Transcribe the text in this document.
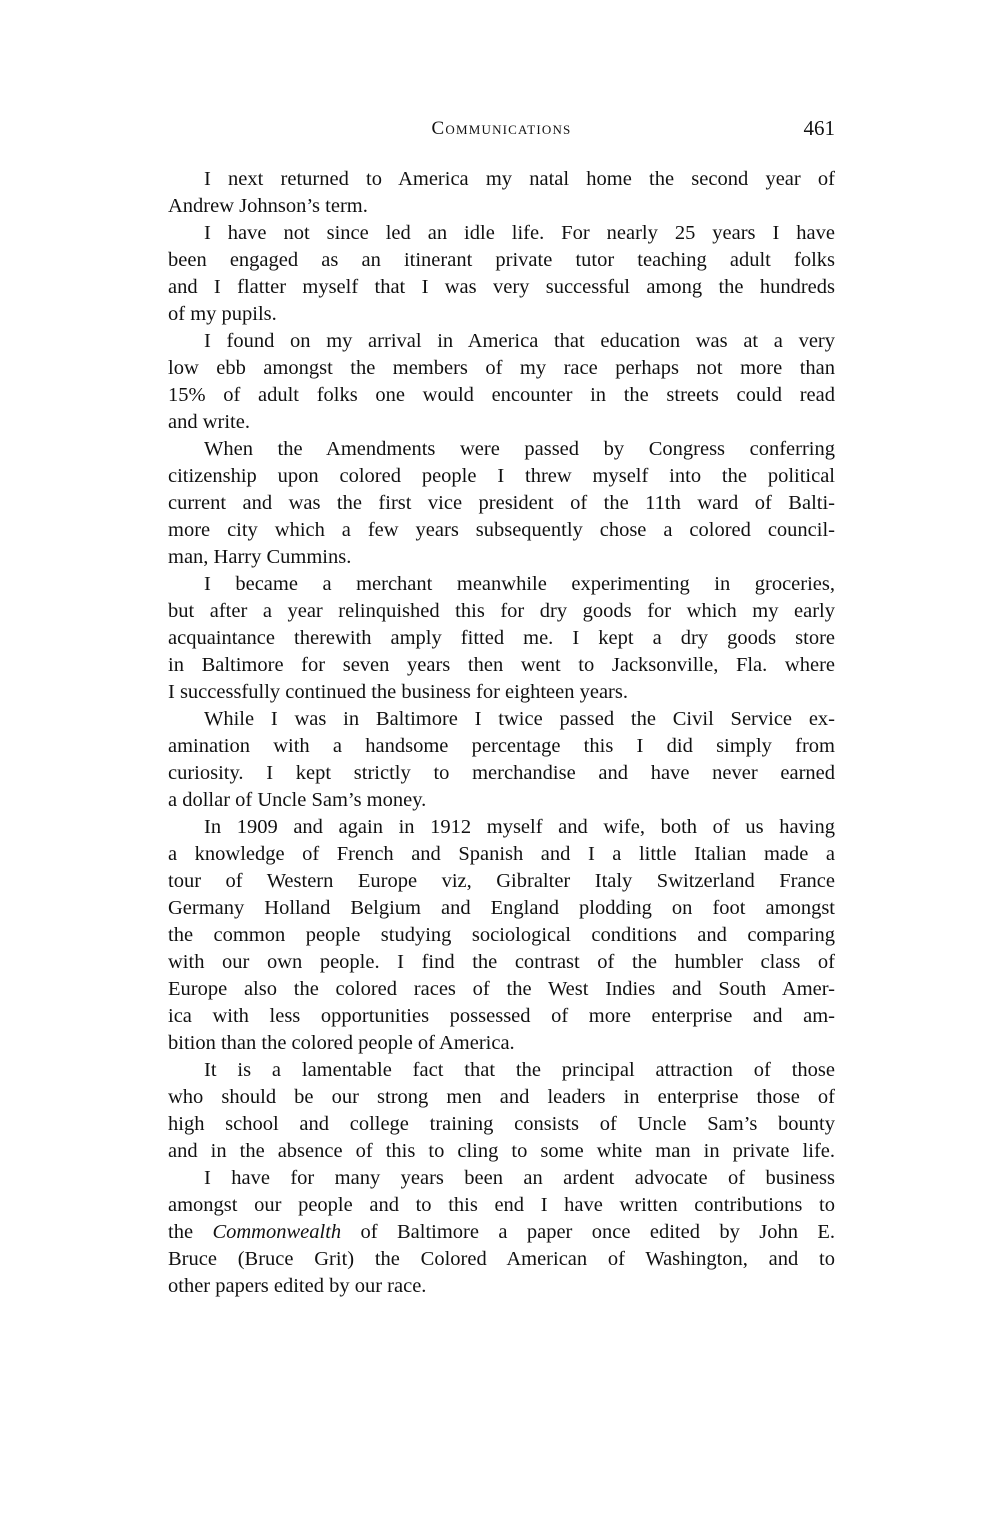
Communications	461
I next returned to America my natal home the second year of
Andrew Johnson’s term.
I have not since led an idle life. For nearly 25 years I have
been engaged as an itinerant private tutor teaching adult folks
and I flatter myself that I was very successful among the hundreds
of my pupils.
I found on my arrival in America that education was at a very
low ebb amongst the members of my race perhaps not more than
15% of adult folks one would encounter in the streets could read
and write.
When the Amendments were passed by Congress conferring
citizenship upon colored people I threw myself into the political
current and was the first vice president of the 11th ward of Balti-
more city which a few years subsequently chose a colored council-
man, Harry Cummins.
I became a merchant meanwhile experimenting in groceries,
but after a year relinquished this for dry goods for which my early
acquaintance therewith amply fitted me. I kept a dry goods store
in Baltimore for seven years then went to Jacksonville, Fla. where
I successfully continued the business for eighteen years.
While I was in Baltimore I twice passed the Civil Service ex-
amination with a handsome percentage this I did simply from
curiosity. I kept strictly to merchandise and have never earned
a dollar of Uncle Sam’s money.
In 1909 and again in 1912 myself and wife, both of us having
a knowledge of French and Spanish and I a little Italian made a
tour of Western Europe viz, Gibralter Italy Switzerland France
Germany Holland Belgium and England plodding on foot amongst
the common people studying sociological conditions and comparing
with our own people. I find the contrast of the humbler class of
Europe also the colored races of the West Indies and South Amer-
ica with less opportunities possessed of more enterprise and am-
bition than the colored people of America.
It is a lamentable fact that the principal attraction of those
who should be our strong men and leaders in enterprise those of
high school and college training consists of Uncle Sam’s bounty
and in the absence of this to cling to some white man in private life.
I have for many years been an ardent advocate of business
amongst our people and to this end I have written contributions to
the Commonwealth of Baltimore a paper once edited by John E.
Bruce (Bruce Grit) the Colored American of Washington, and to
other papers edited by our race.
